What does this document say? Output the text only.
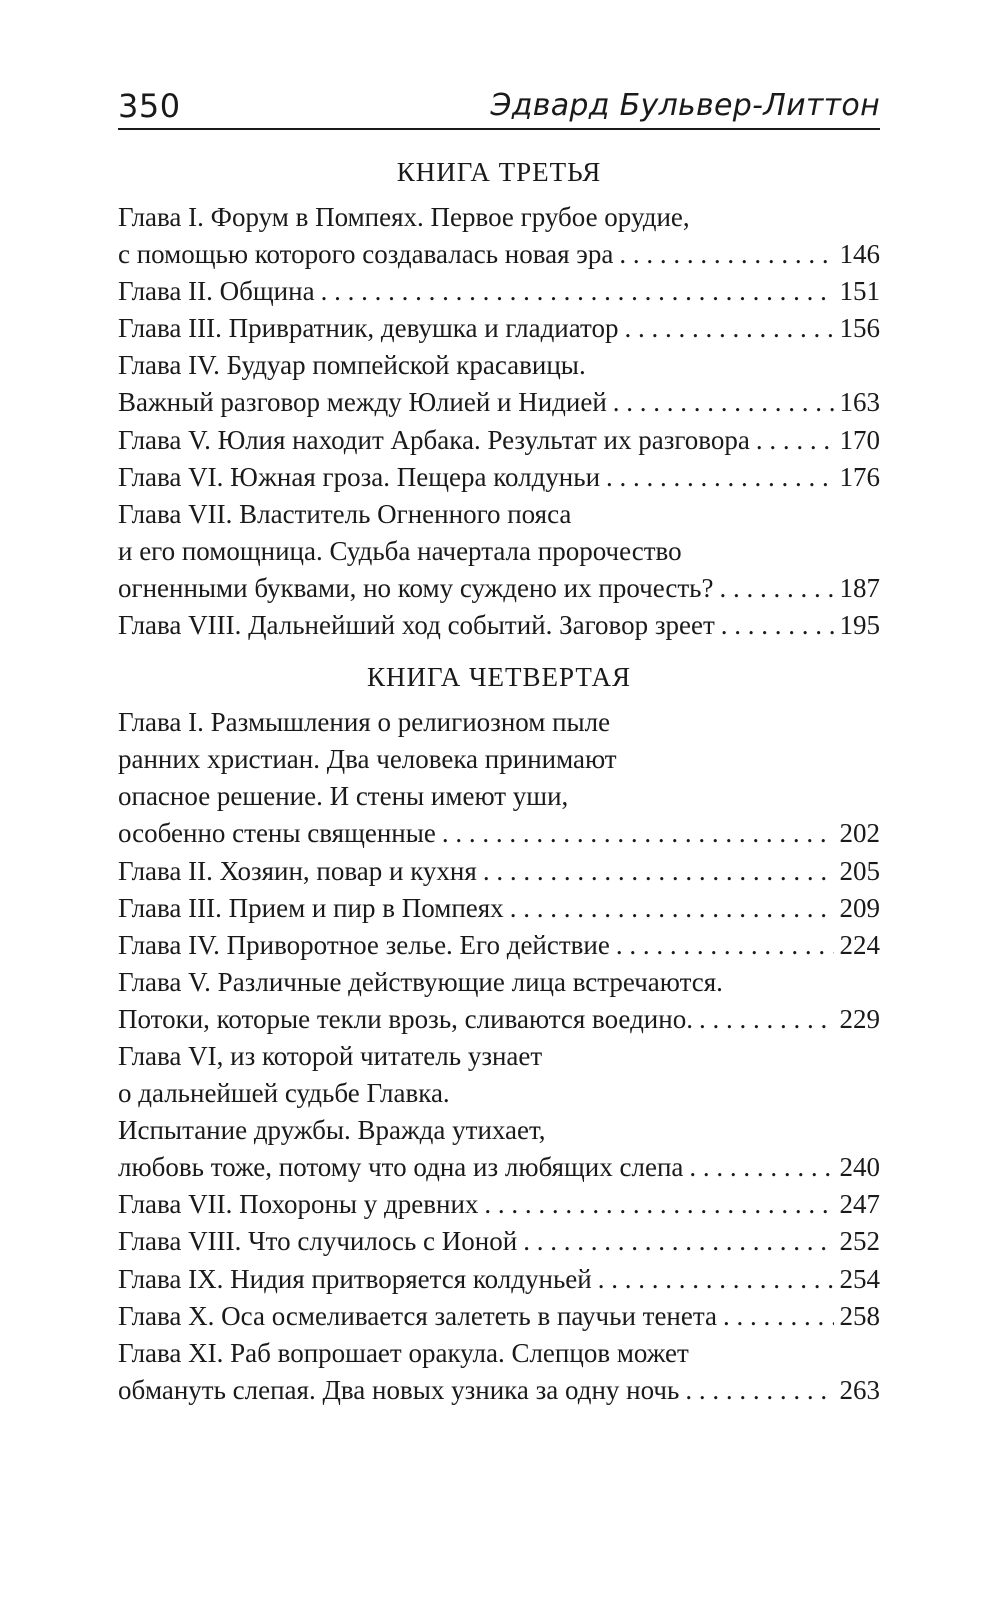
350	Эдвард Бульвер-Литтон
КНИГА ТРЕТЬЯ
Глава I. Форум в Помпеях. Первое грубое орудие,
с помощью которого создавалась новая эра . . .	146
Глава II. Община . . .	151
Глава III. Привратник, девушка и гладиатор . . .	156
Глава IV. Будуар помпейской красавицы.
Важный разговор между Юлией и Нидией . . .	163
Глава V. Юлия находит Арбака. Результат их разговора . . .	170
Глава VI. Южная гроза. Пещера колдуньи . . .	176
Глава VII. Властитель Огненного пояса
и его помощница. Судьба начертала пророчество
огненными буквами, но кому суждено их прочесть? . . .	187
Глава VIII. Дальнейший ход событий. Заговор зреет . . .	195
КНИГА ЧЕТВЕРТАЯ
Глава I. Размышления о религиозном пыле
ранних христиан. Два человека принимают
опасное решение. И стены имеют уши,
особенно стены священные . . .	202
Глава II. Хозяин, повар и кухня . . .	205
Глава III. Прием и пир в Помпеях . . .	209
Глава IV. Приворотное зелье. Его действие . . .	224
Глава V. Различные действующие лица встречаются.
Потоки, которые текли врозь, сливаются воедино. . . .	229
Глава VI, из которой читатель узнает
о дальнейшей судьбе Главка.
Испытание дружбы. Вражда утихает,
любовь тоже, потому что одна из любящих слепа . . .	240
Глава VII. Похороны у древних . . .	247
Глава VIII. Что случилось с Ионой . . .	252
Глава IX. Нидия притворяется колдуньей . . .	254
Глава X. Оса осмеливается залететь в паучьи тенета . . .	258
Глава XI. Раб вопрошает оракула. Слепцов может
обмануть слепая. Два новых узника за одну ночь . . .	263
